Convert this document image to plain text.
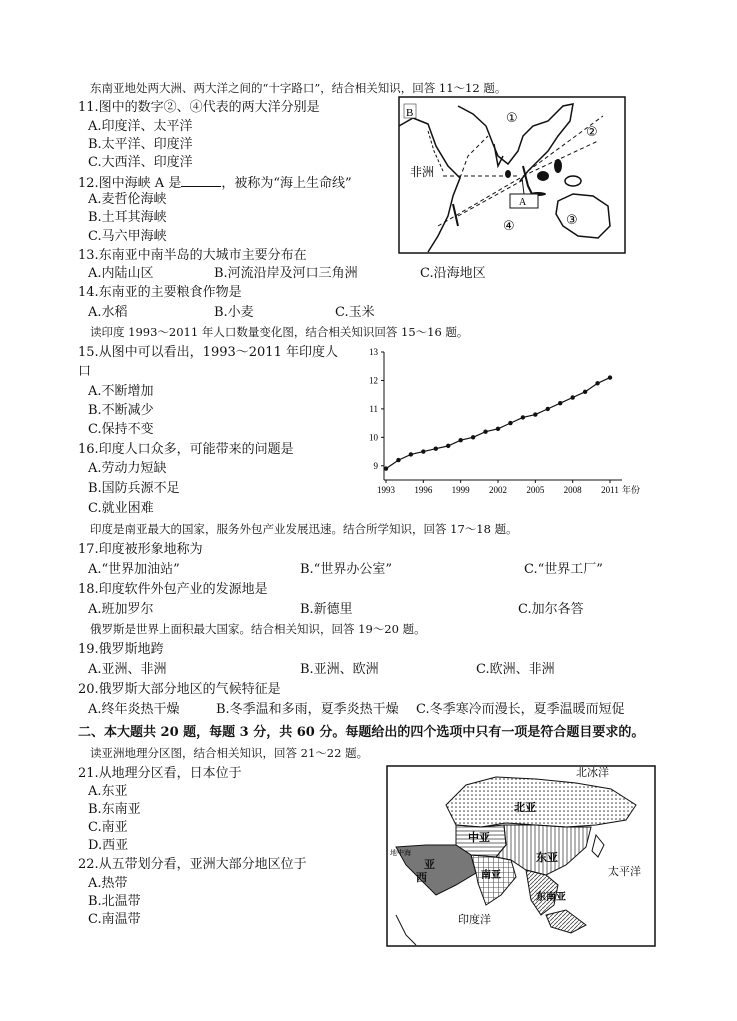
东南亚地处两大洲、两大洋之间的“十字路口”，结合相关知识，回答 11～12 题。
11.图中的数字②、④代表的两大洋分别是
A.印度洋、太平洋
B.太平洋、印度洋
C.大西洋、印度洋
12.图中海峡 A 是	，被称为“海上生命线”
A.麦哲伦海峡
B.土耳其海峡
C.马六甲海峡
B	①
②
③
④
非洲
A
13.东南亚中南半岛的大城市主要分布在
A.内陆山区	B.河流沿岸及河口三角洲	C.沿海地区
14.东南亚的主要粮食作物是
A.水稻	B.小麦	C.玉米
读印度 1993～2011 年人口数量变化图，结合相关知识回答 15～16 题。
15.从图中可以看出，1993～2011 年印度人
口
A.不断增加
B.不断减少
C.保持不变
9
10
11
12
13
1993 1996 1999 2002 2005 2008 2011 年份
16.印度人口众多，可能带来的问题是
A.劳动力短缺
B.国防兵源不足
C.就业困难
印度是南亚最大的国家，服务外包产业发展迅速。结合所学知识，回答 17～18 题。
17.印度被形象地称为
A.“世界加油站”	B.“世界办公室”	C.“世界工厂”
18.印度软件外包产业的发源地是
A.班加罗尔	B.新德里	C.加尔各答
俄罗斯是世界上面积最大国家。结合相关知识，回答 19～20 题。
19.俄罗斯地跨
A.亚洲、非洲	B.亚洲、欧洲	C.欧洲、非洲
20.俄罗斯大部分地区的气候特征是
A.终年炎热干燥	B.冬季温和多雨，夏季炎热干燥 C.冬季寒冷而漫长，夏季温暖而短促
二、本大题共 20 题，每题 3 分，共 60 分。每题给出的四个选项中只有一项是符合题目要求的。
读亚洲地理分区图，结合相关知识，回答 21～22 题。
21.从地理分区看，日本位于
A.东亚
B.东南亚
C.南亚
D.西亚
22.从五带划分看，亚洲大部分地区位于
A.热带
B.北温带
C.南温带
北冰洋
北亚
中亚
东亚
亚
西	南亚
东南亚
太平洋
印度洋
地中海
